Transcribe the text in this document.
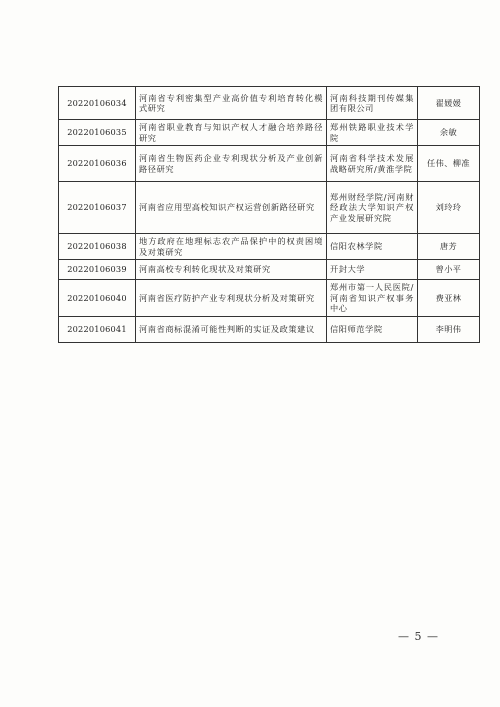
20220106034	河南省专利密集型产业高价值专利培育转化模式研究	河南科技期刊传媒集团有限公司	翟媛媛
20220106035	河南省职业教育与知识产权人才融合培养路径研究	郑州铁路职业技术学院	余敏
20220106036	河南省生物医药企业专利现状分析及产业创新路径研究	河南省科学技术发展战略研究所/黄淮学院	任伟、柳准
20220106037	河南省应用型高校知识产权运营创新路径研究	郑州财经学院/河南财经政法大学知识产权产业发展研究院	刘玲玲
20220106038	地方政府在地理标志农产品保护中的权责困境及对策研究	信阳农林学院	唐芳
20220106039	河南高校专利转化现状及对策研究	开封大学	曾小平
20220106040	河南省医疗防护产业专利现状分析及对策研究	郑州市第一人民医院/河南省知识产权事务中心	费亚林
20220106041	河南省商标混淆可能性判断的实证及政策建议	信阳师范学院	李明伟
— 5 —
